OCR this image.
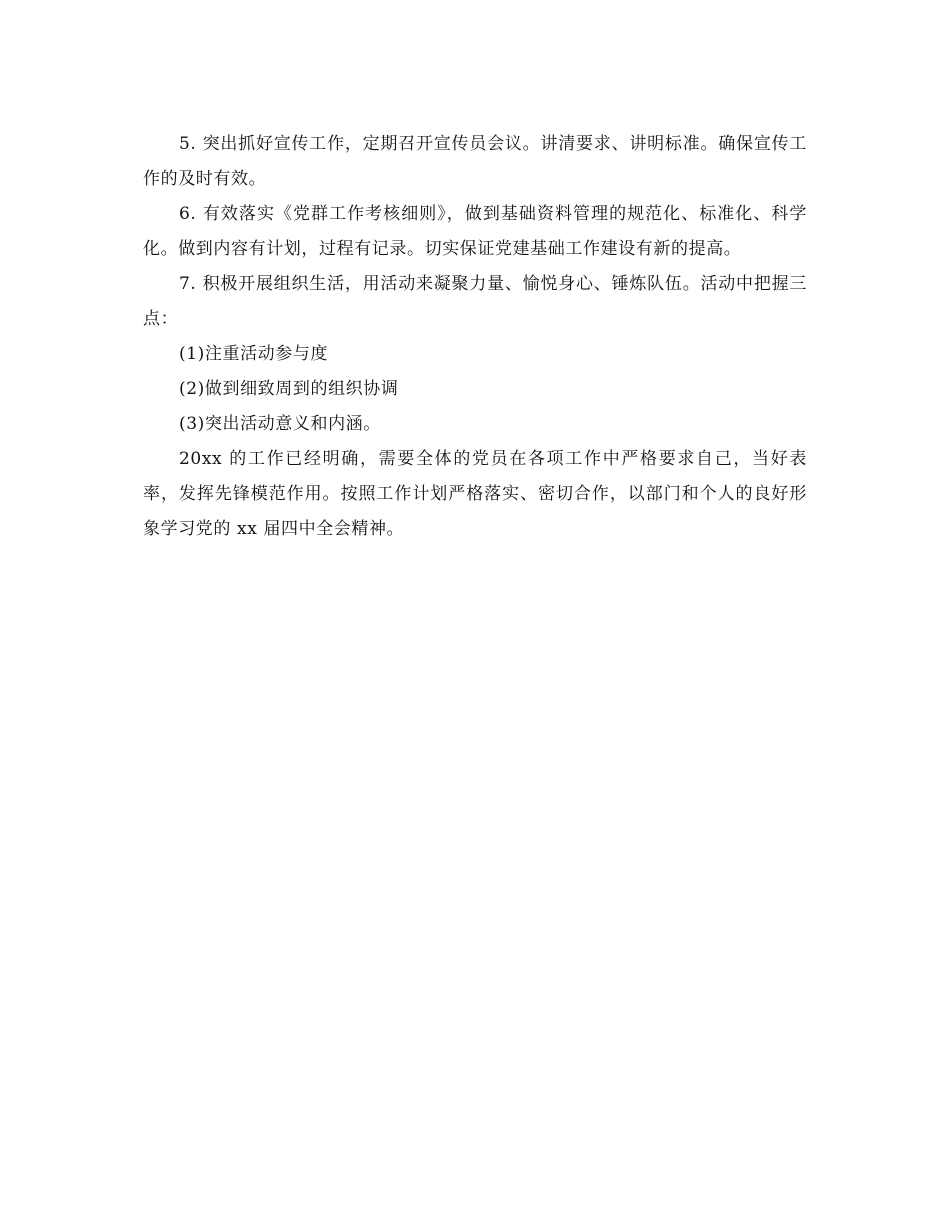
5. 突出抓好宣传工作，定期召开宣传员会议。讲清要求、讲明标准。确保宣传工作的及时有效。

6. 有效落实《党群工作考核细则》，做到基础资料管理的规范化、标准化、科学化。做到内容有计划，过程有记录。切实保证党建基础工作建设有新的提高。

7. 积极开展组织生活，用活动来凝聚力量、愉悦身心、锤炼队伍。活动中把握三点：

(1)注重活动参与度

(2)做到细致周到的组织协调

(3)突出活动意义和内涵。

20xx 的工作已经明确，需要全体的党员在各项工作中严格要求自己，当好表率，发挥先锋模范作用。按照工作计划严格落实、密切合作，以部门和个人的良好形象学习党的 xx 届四中全会精神。
